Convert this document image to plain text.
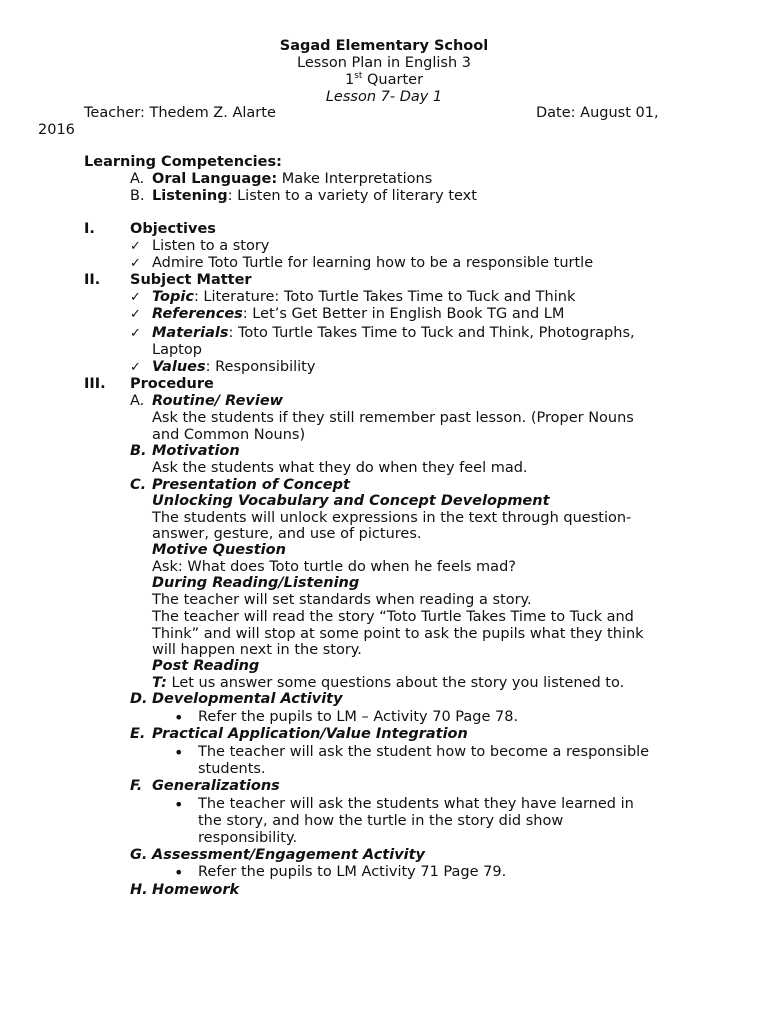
Sagad Elementary School
Lesson Plan in English 3
1st Quarter
Lesson 7- Day 1
Teacher: Thedem Z. Alarte	Date: August 01,
2016
Learning Competencies:
A. Oral Language: Make Interpretations
B. Listening: Listen to a variety of literary text
I. Objectives
✓ Listen to a story
✓ Admire Toto Turtle for learning how to be a responsible turtle
II. Subject Matter
✓ Topic: Literature: Toto Turtle Takes Time to Tuck and Think
✓ References: Let’s Get Better in English Book TG and LM
✓ Materials: Toto Turtle Takes Time to Tuck and Think, Photographs,
Laptop
✓ Values: Responsibility
III. Procedure
A. Routine/ Review
Ask the students if they still remember past lesson. (Proper Nouns
and Common Nouns)
B. Motivation
Ask the students what they do when they feel mad.
C. Presentation of Concept
Unlocking Vocabulary and Concept Development
The students will unlock expressions in the text through question-
answer, gesture, and use of pictures.
Motive Question
Ask: What does Toto turtle do when he feels mad?
During Reading/Listening
The teacher will set standards when reading a story.
The teacher will read the story “Toto Turtle Takes Time to Tuck and
Think” and will stop at some point to ask the pupils what they think
will happen next in the story.
Post Reading
T: Let us answer some questions about the story you listened to.
D. Developmental Activity
• Refer the pupils to LM – Activity 70 Page 78.
E. Practical Application/Value Integration
• The teacher will ask the student how to become a responsible
students.
F. Generalizations
• The teacher will ask the students what they have learned in
the story, and how the turtle in the story did show
responsibility.
G. Assessment/Engagement Activity
• Refer the pupils to LM Activity 71 Page 79.
H. Homework
